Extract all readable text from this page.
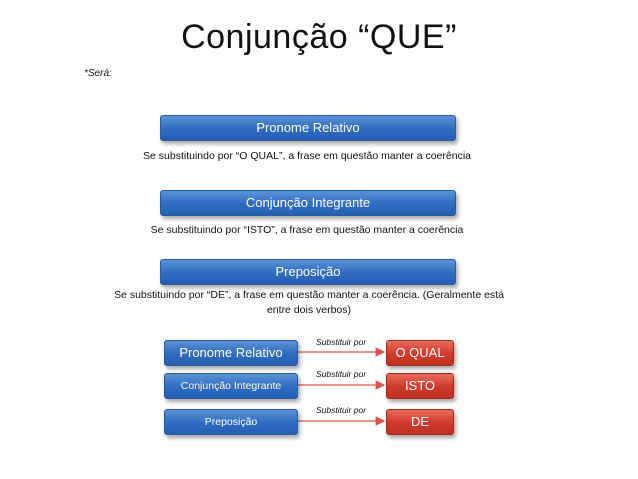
Conjunção “QUE”
*Será:
Pronome Relativo
Se substituindo por “O QUAL”, a frase em questão manter a coerência
Conjunção Integrante
Se substituindo por “ISTO”, a frase em questão manter a coerência
Preposição
Se substituindo por “DE”, a frase em questão manter a coerência. (Geralmente está entre dois verbos)
Pronome Relativo
Substituir por
O QUAL
Conjunção Integrante
Substituir por
ISTO
Preposição
Substituir por
DE
